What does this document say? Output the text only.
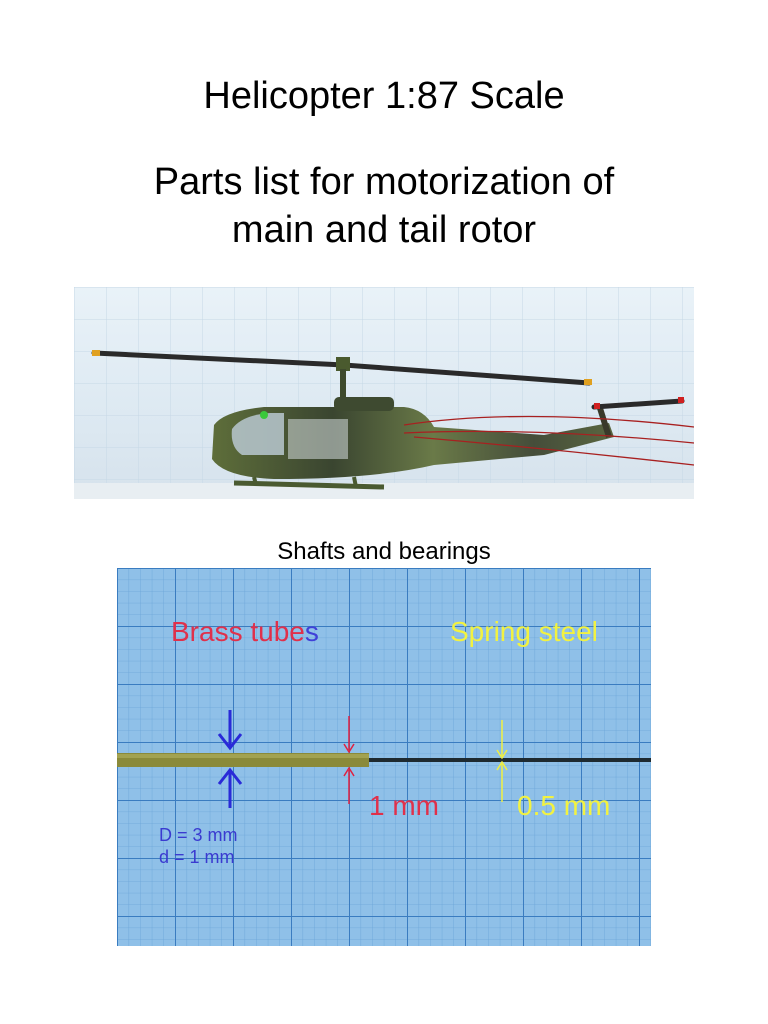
Helicopter 1:87 Scale
Parts list for motorization of
main and tail rotor
Shafts and bearings
Brass tubes	Spring steel
1 mm	0.5 mm
D = 3 mm
d = 1 mm
